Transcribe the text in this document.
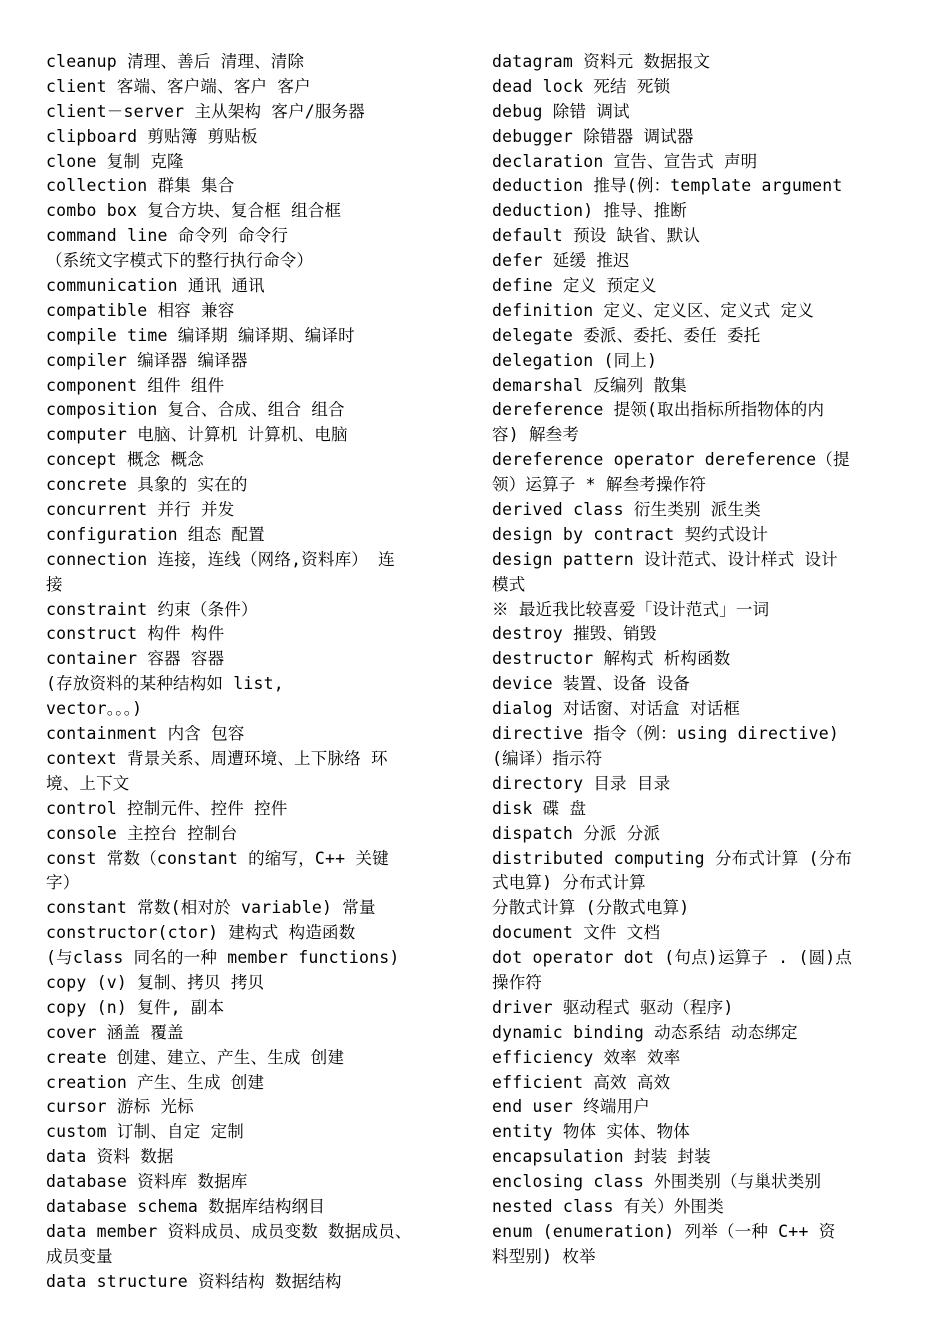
cleanup 清理、善后 清理、清除
client 客端、客户端、客户 客户
client－server 主从架构 客户/服务器
clipboard 剪贴簿 剪贴板
clone 复制 克隆
collection 群集 集合
combo box 复合方块、复合框 组合框
command line 命令列 命令行
（系统文字模式下的整行执行命令）
communication 通讯 通讯
compatible 相容 兼容
compile time 编译期 编译期、编译时
compiler 编译器 编译器
component 组件 组件
composition 复合、合成、组合 组合
computer 电脑、计算机 计算机、电脑
concept 概念 概念
concrete 具象的 实在的
concurrent 并行 并发
configuration 组态 配置
connection 连接，连线（网络,资料库） 连
接
constraint 约束（条件）
construct 构件 构件
container 容器 容器
(存放资料的某种结构如 list,
vector。。。)
containment 内含 包容
context 背景关系、周遭环境、上下脉络 环
境、上下文
control 控制元件、控件 控件
console 主控台 控制台
const 常数（constant 的缩写，C++ 关键
字）
constant 常数(相对於 variable) 常量
constructor(ctor) 建构式 构造函数
(与class 同名的一种 member functions)
copy (v) 复制、拷贝 拷贝
copy (n) 复件, 副本
cover 涵盖 覆盖
create 创建、建立、产生、生成 创建
creation 产生、生成 创建
cursor 游标 光标
custom 订制、自定 定制
data 资料 数据
database 资料库 数据库
database schema 数据库结构纲目
data member 资料成员、成员变数 数据成员、
成员变量
data structure 资料结构 数据结构
datagram 资料元 数据报文
dead lock 死结 死锁
debug 除错 调试
debugger 除错器 调试器
declaration 宣告、宣告式 声明
deduction 推导(例：template argument
deduction) 推导、推断
default 预设 缺省、默认
defer 延缓 推迟
define 定义 预定义
definition 定义、定义区、定义式 定义
delegate 委派、委托、委任 委托
delegation (同上)
demarshal 反编列 散集
dereference 提领(取出指标所指物体的内
容) 解叁考
dereference operator dereference（提
领）运算子 * 解叁考操作符
derived class 衍生类别 派生类
design by contract 契约式设计
design pattern 设计范式、设计样式 设计
模式
※ 最近我比较喜爱「设计范式」一词
destroy 摧毁、销毁
destructor 解构式 析构函数
device 装置、设备 设备
dialog 对话窗、对话盒 对话框
directive 指令（例：using directive)
(编译）指示符
directory 目录 目录
disk 碟 盘
dispatch 分派 分派
distributed computing 分布式计算 (分布
式电算) 分布式计算
分散式计算 (分散式电算)
document 文件 文档
dot operator dot (句点)运算子 . (圆)点
操作符
driver 驱动程式 驱动（程序)
dynamic binding 动态系结 动态绑定
efficiency 效率 效率
efficient 高效 高效
end user 终端用户
entity 物体 实体、物体
encapsulation 封装 封装
enclosing class 外围类别（与巢状类别
nested class 有关）外围类
enum (enumeration) 列举（一种 C++ 资
料型别) 枚举
